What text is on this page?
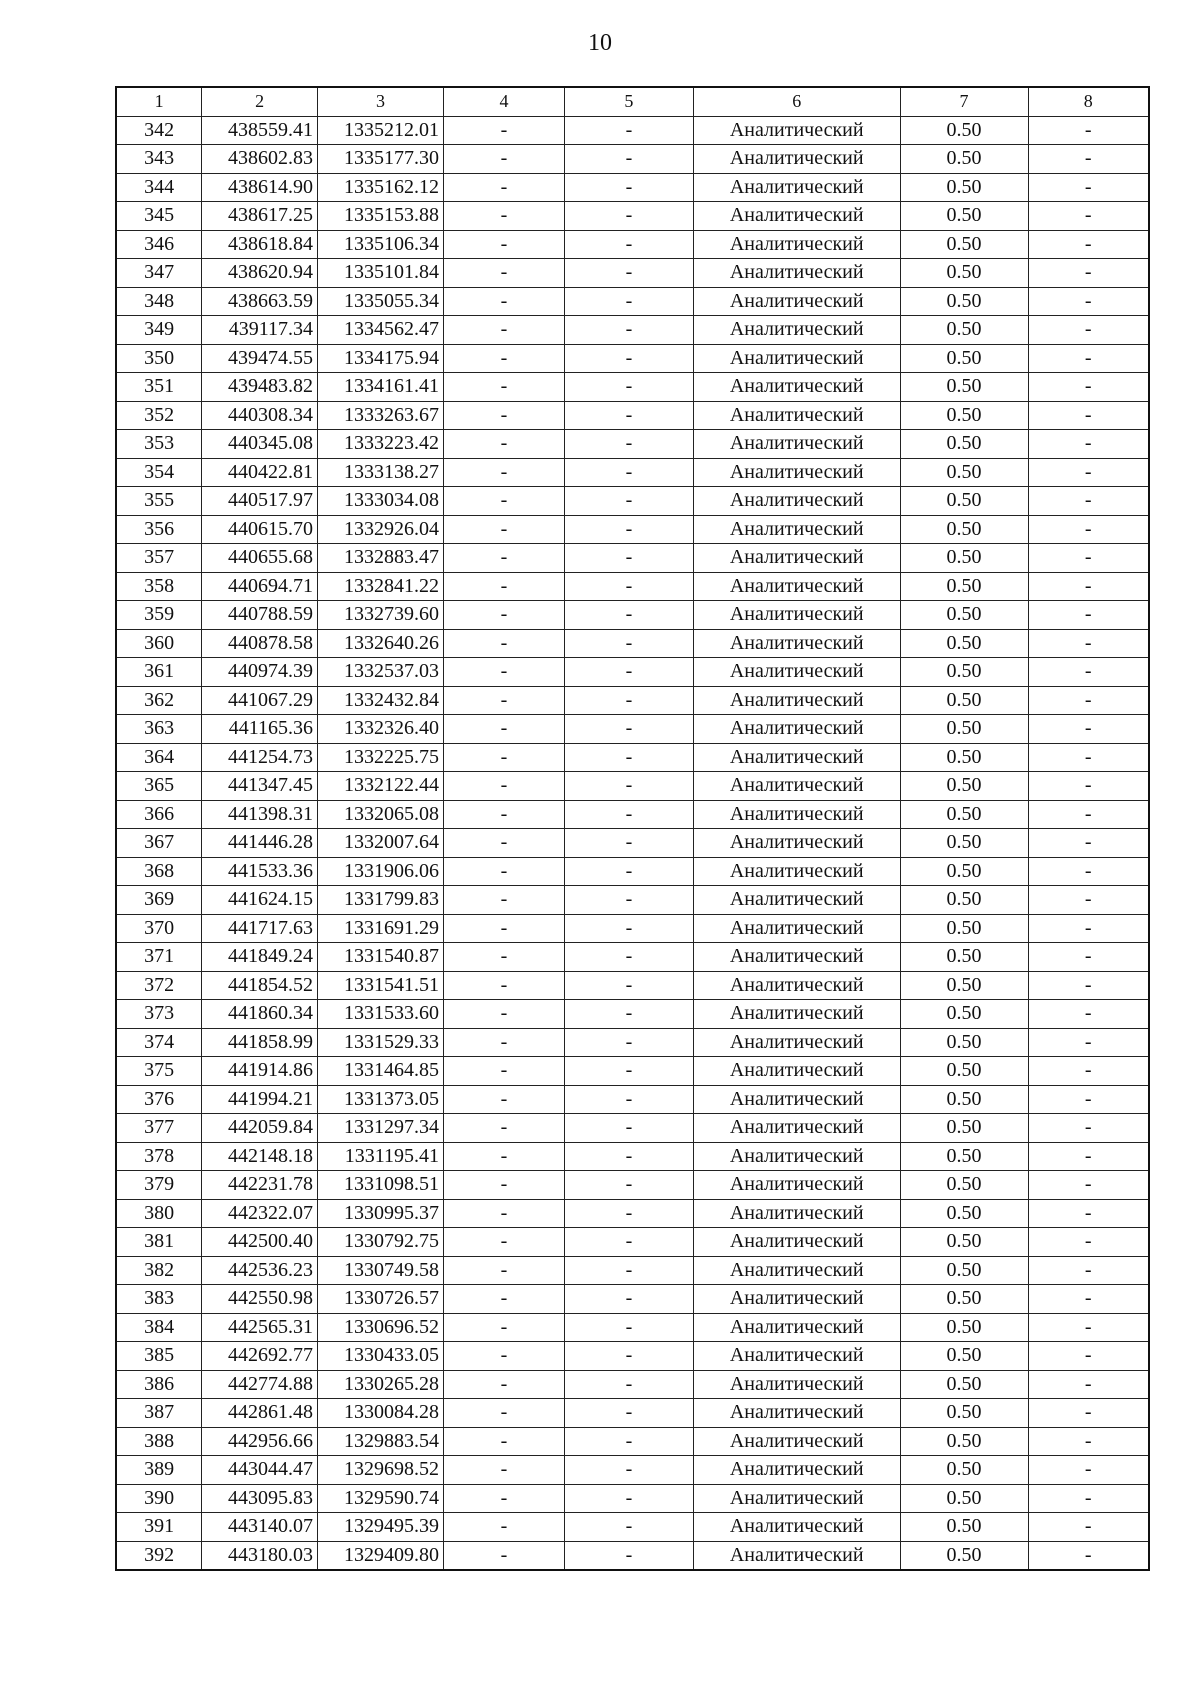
10
1	2	3	4	5	6	7	8
342	438559.41	1335212.01	-	-	Аналитический	0.50	-
343	438602.83	1335177.30	-	-	Аналитический	0.50	-
344	438614.90	1335162.12	-	-	Аналитический	0.50	-
345	438617.25	1335153.88	-	-	Аналитический	0.50	-
346	438618.84	1335106.34	-	-	Аналитический	0.50	-
347	438620.94	1335101.84	-	-	Аналитический	0.50	-
348	438663.59	1335055.34	-	-	Аналитический	0.50	-
349	439117.34	1334562.47	-	-	Аналитический	0.50	-
350	439474.55	1334175.94	-	-	Аналитический	0.50	-
351	439483.82	1334161.41	-	-	Аналитический	0.50	-
352	440308.34	1333263.67	-	-	Аналитический	0.50	-
353	440345.08	1333223.42	-	-	Аналитический	0.50	-
354	440422.81	1333138.27	-	-	Аналитический	0.50	-
355	440517.97	1333034.08	-	-	Аналитический	0.50	-
356	440615.70	1332926.04	-	-	Аналитический	0.50	-
357	440655.68	1332883.47	-	-	Аналитический	0.50	-
358	440694.71	1332841.22	-	-	Аналитический	0.50	-
359	440788.59	1332739.60	-	-	Аналитический	0.50	-
360	440878.58	1332640.26	-	-	Аналитический	0.50	-
361	440974.39	1332537.03	-	-	Аналитический	0.50	-
362	441067.29	1332432.84	-	-	Аналитический	0.50	-
363	441165.36	1332326.40	-	-	Аналитический	0.50	-
364	441254.73	1332225.75	-	-	Аналитический	0.50	-
365	441347.45	1332122.44	-	-	Аналитический	0.50	-
366	441398.31	1332065.08	-	-	Аналитический	0.50	-
367	441446.28	1332007.64	-	-	Аналитический	0.50	-
368	441533.36	1331906.06	-	-	Аналитический	0.50	-
369	441624.15	1331799.83	-	-	Аналитический	0.50	-
370	441717.63	1331691.29	-	-	Аналитический	0.50	-
371	441849.24	1331540.87	-	-	Аналитический	0.50	-
372	441854.52	1331541.51	-	-	Аналитический	0.50	-
373	441860.34	1331533.60	-	-	Аналитический	0.50	-
374	441858.99	1331529.33	-	-	Аналитический	0.50	-
375	441914.86	1331464.85	-	-	Аналитический	0.50	-
376	441994.21	1331373.05	-	-	Аналитический	0.50	-
377	442059.84	1331297.34	-	-	Аналитический	0.50	-
378	442148.18	1331195.41	-	-	Аналитический	0.50	-
379	442231.78	1331098.51	-	-	Аналитический	0.50	-
380	442322.07	1330995.37	-	-	Аналитический	0.50	-
381	442500.40	1330792.75	-	-	Аналитический	0.50	-
382	442536.23	1330749.58	-	-	Аналитический	0.50	-
383	442550.98	1330726.57	-	-	Аналитический	0.50	-
384	442565.31	1330696.52	-	-	Аналитический	0.50	-
385	442692.77	1330433.05	-	-	Аналитический	0.50	-
386	442774.88	1330265.28	-	-	Аналитический	0.50	-
387	442861.48	1330084.28	-	-	Аналитический	0.50	-
388	442956.66	1329883.54	-	-	Аналитический	0.50	-
389	443044.47	1329698.52	-	-	Аналитический	0.50	-
390	443095.83	1329590.74	-	-	Аналитический	0.50	-
391	443140.07	1329495.39	-	-	Аналитический	0.50	-
392	443180.03	1329409.80	-	-	Аналитический	0.50	-
